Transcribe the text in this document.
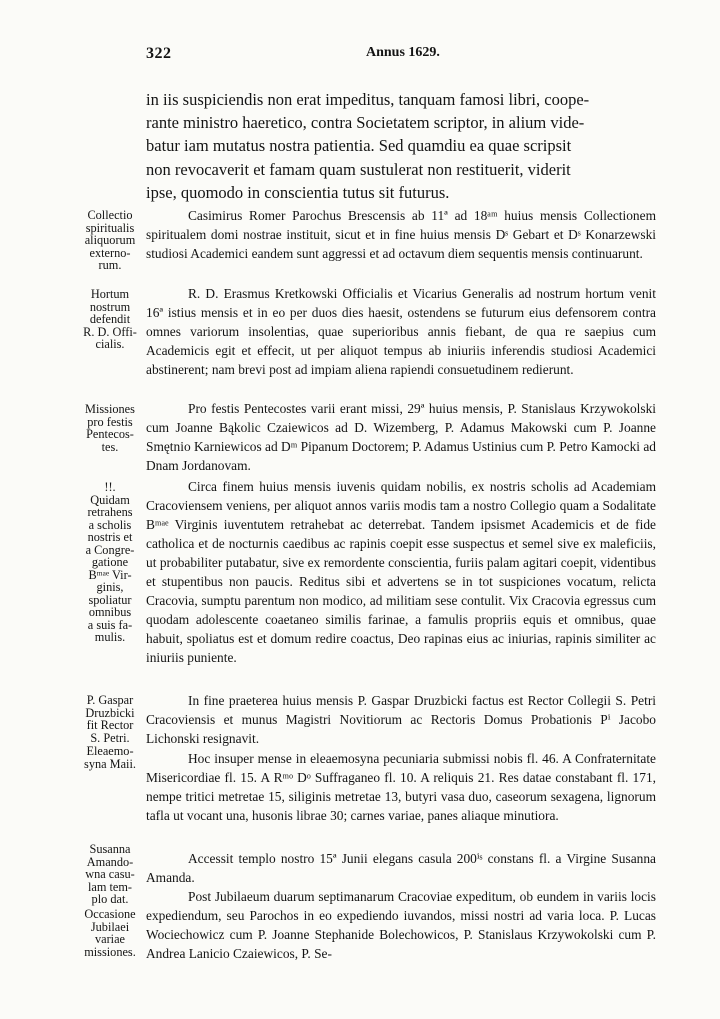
322	Annus 1629.
in iis suspiciendis non erat impeditus, tanquam famosi libri, coope-
rante ministro haeretico, contra Societatem scriptor, in alium vide-
batur iam mutatus nostra patientia. Sed quamdiu ea quae scripsit
non revocaverit et famam quam sustulerat non restituerit, viderit
ipse, quomodo in conscientia tutus sit futurus.
Collectio
spiritualis
aliquorum
externo-
rum.
Casimirus Romer Parochus Brescensis ab 11ª ad 18ᵃᵐ huius mensis Collectionem spiritualem domi nostrae instituit, sicut et in fine huius mensis Dˢ Gebart et Dˢ Konarzewski studiosi Academici eandem sunt aggressi et ad octavum diem sequentis mensis continuarunt.
Hortum
nostrum
defendit
R. D. Offi-
cialis.
R. D. Erasmus Kretkowski Officialis et Vicarius Generalis ad nostrum hortum venit 16ª istius mensis et in eo per duos dies haesit, ostendens se futurum eius defensorem contra omnes variorum insolentias, quae superioribus annis fiebant, de qua re saepius cum Academicis egit et effecit, ut per aliquot tempus ab iniuriis inferendis studiosi Academici abstinerent; nam brevi post ad impiam aliena rapiendi consuetudinem redierunt.
Missiones
pro festis
Pentecos-
tes.
Pro festis Pentecostes varii erant missi, 29ª huius mensis, P. Stanislaus Krzywokolski cum Joanne Bąkolic Czaiewicos ad D. Wizemberg, P. Adamus Makowski cum P. Joanne Smętnio Karniewicos ad Dᵐ Pipanum Doctorem; P. Adamus Ustinius cum P. Petro Kamocki ad Dnam Jordanovam.
!!.
Quidam
retrahens
a scholis
nostris et
a Congre-
gatione
Bᵐᵃᵉ Vir-
ginis,
spoliatur
omnibus
a suis fa-
mulis.
Circa finem huius mensis iuvenis quidam nobilis, ex nostris scholis ad Academiam Cracoviensem veniens, per aliquot annos variis modis tam a nostro Collegio quam a Sodalitate Bᵐᵃᵉ Virginis iuventutem retrahebat ac deterrebat. Tandem ipsismet Academicis et de fide catholica et de nocturnis caedibus ac rapinis coepit esse suspectus et semel sive ex maleficiis, ut probabiliter putabatur, sive ex remordente conscientia, furiis palam agitari coepit, videntibus et stupentibus non paucis. Reditus sibi et advertens se in tot suspiciones vocatum, relicta Cracovia, sumptu parentum non modico, ad militiam sese contulit. Vix Cracovia egressus cum quodam adolescente coaetaneo similis farinae, a famulis propriis equis et omnibus, quae habuit, spoliatus est et domum redire coactus, Deo rapinas eius ac iniurias, rapinis similiter ac iniuriis puniente.
P. Gaspar
Druzbicki
fit Rector
S. Petri.
In fine praeterea huius mensis P. Gaspar Druzbicki factus est Rector Collegii S. Petri Cracoviensis et munus Magistri Novitiorum ac Rectoris Domus Probationis Pⁱ Jacobo Lichonski resignavit.
Eleaemo-
syna Maii.	Hoc insuper mense in eleaemosyna pecuniaria submissi nobis fl. 46. A Confraternitate Misericordiae fl. 15. A Rᵐᵒ Dᵒ Suffraganeo fl. 10. A reliquis 21. Res datae constabant fl. 171, nempe tritici metretae 15, siliginis metretae 13, butyri vasa duo, caseorum sexagena, lignorum tafla ut vocant una, husonis librae 30; carnes variae, panes aliaque minutiora.
Susanna
Amando-
wna casu-
lam tem-
plo dat.
Accessit templo nostro 15ª Junii elegans casula 200ⁱˢ constans fl. a Virgine Susanna Amanda.
Occasione
Jubilaei
variae
missiones.
Post Jubilaeum duarum septimanarum Cracoviae expeditum, ob eundem in variis locis expediendum, seu Parochos in eo expediendo iuvandos, missi nostri ad varia loca. P. Lucas Wociechowicz cum P. Joanne Stephanide Bolechowicos, P. Stanislaus Krzywokolski cum P. Andrea Lanicio Czaiewicos, P. Se-
